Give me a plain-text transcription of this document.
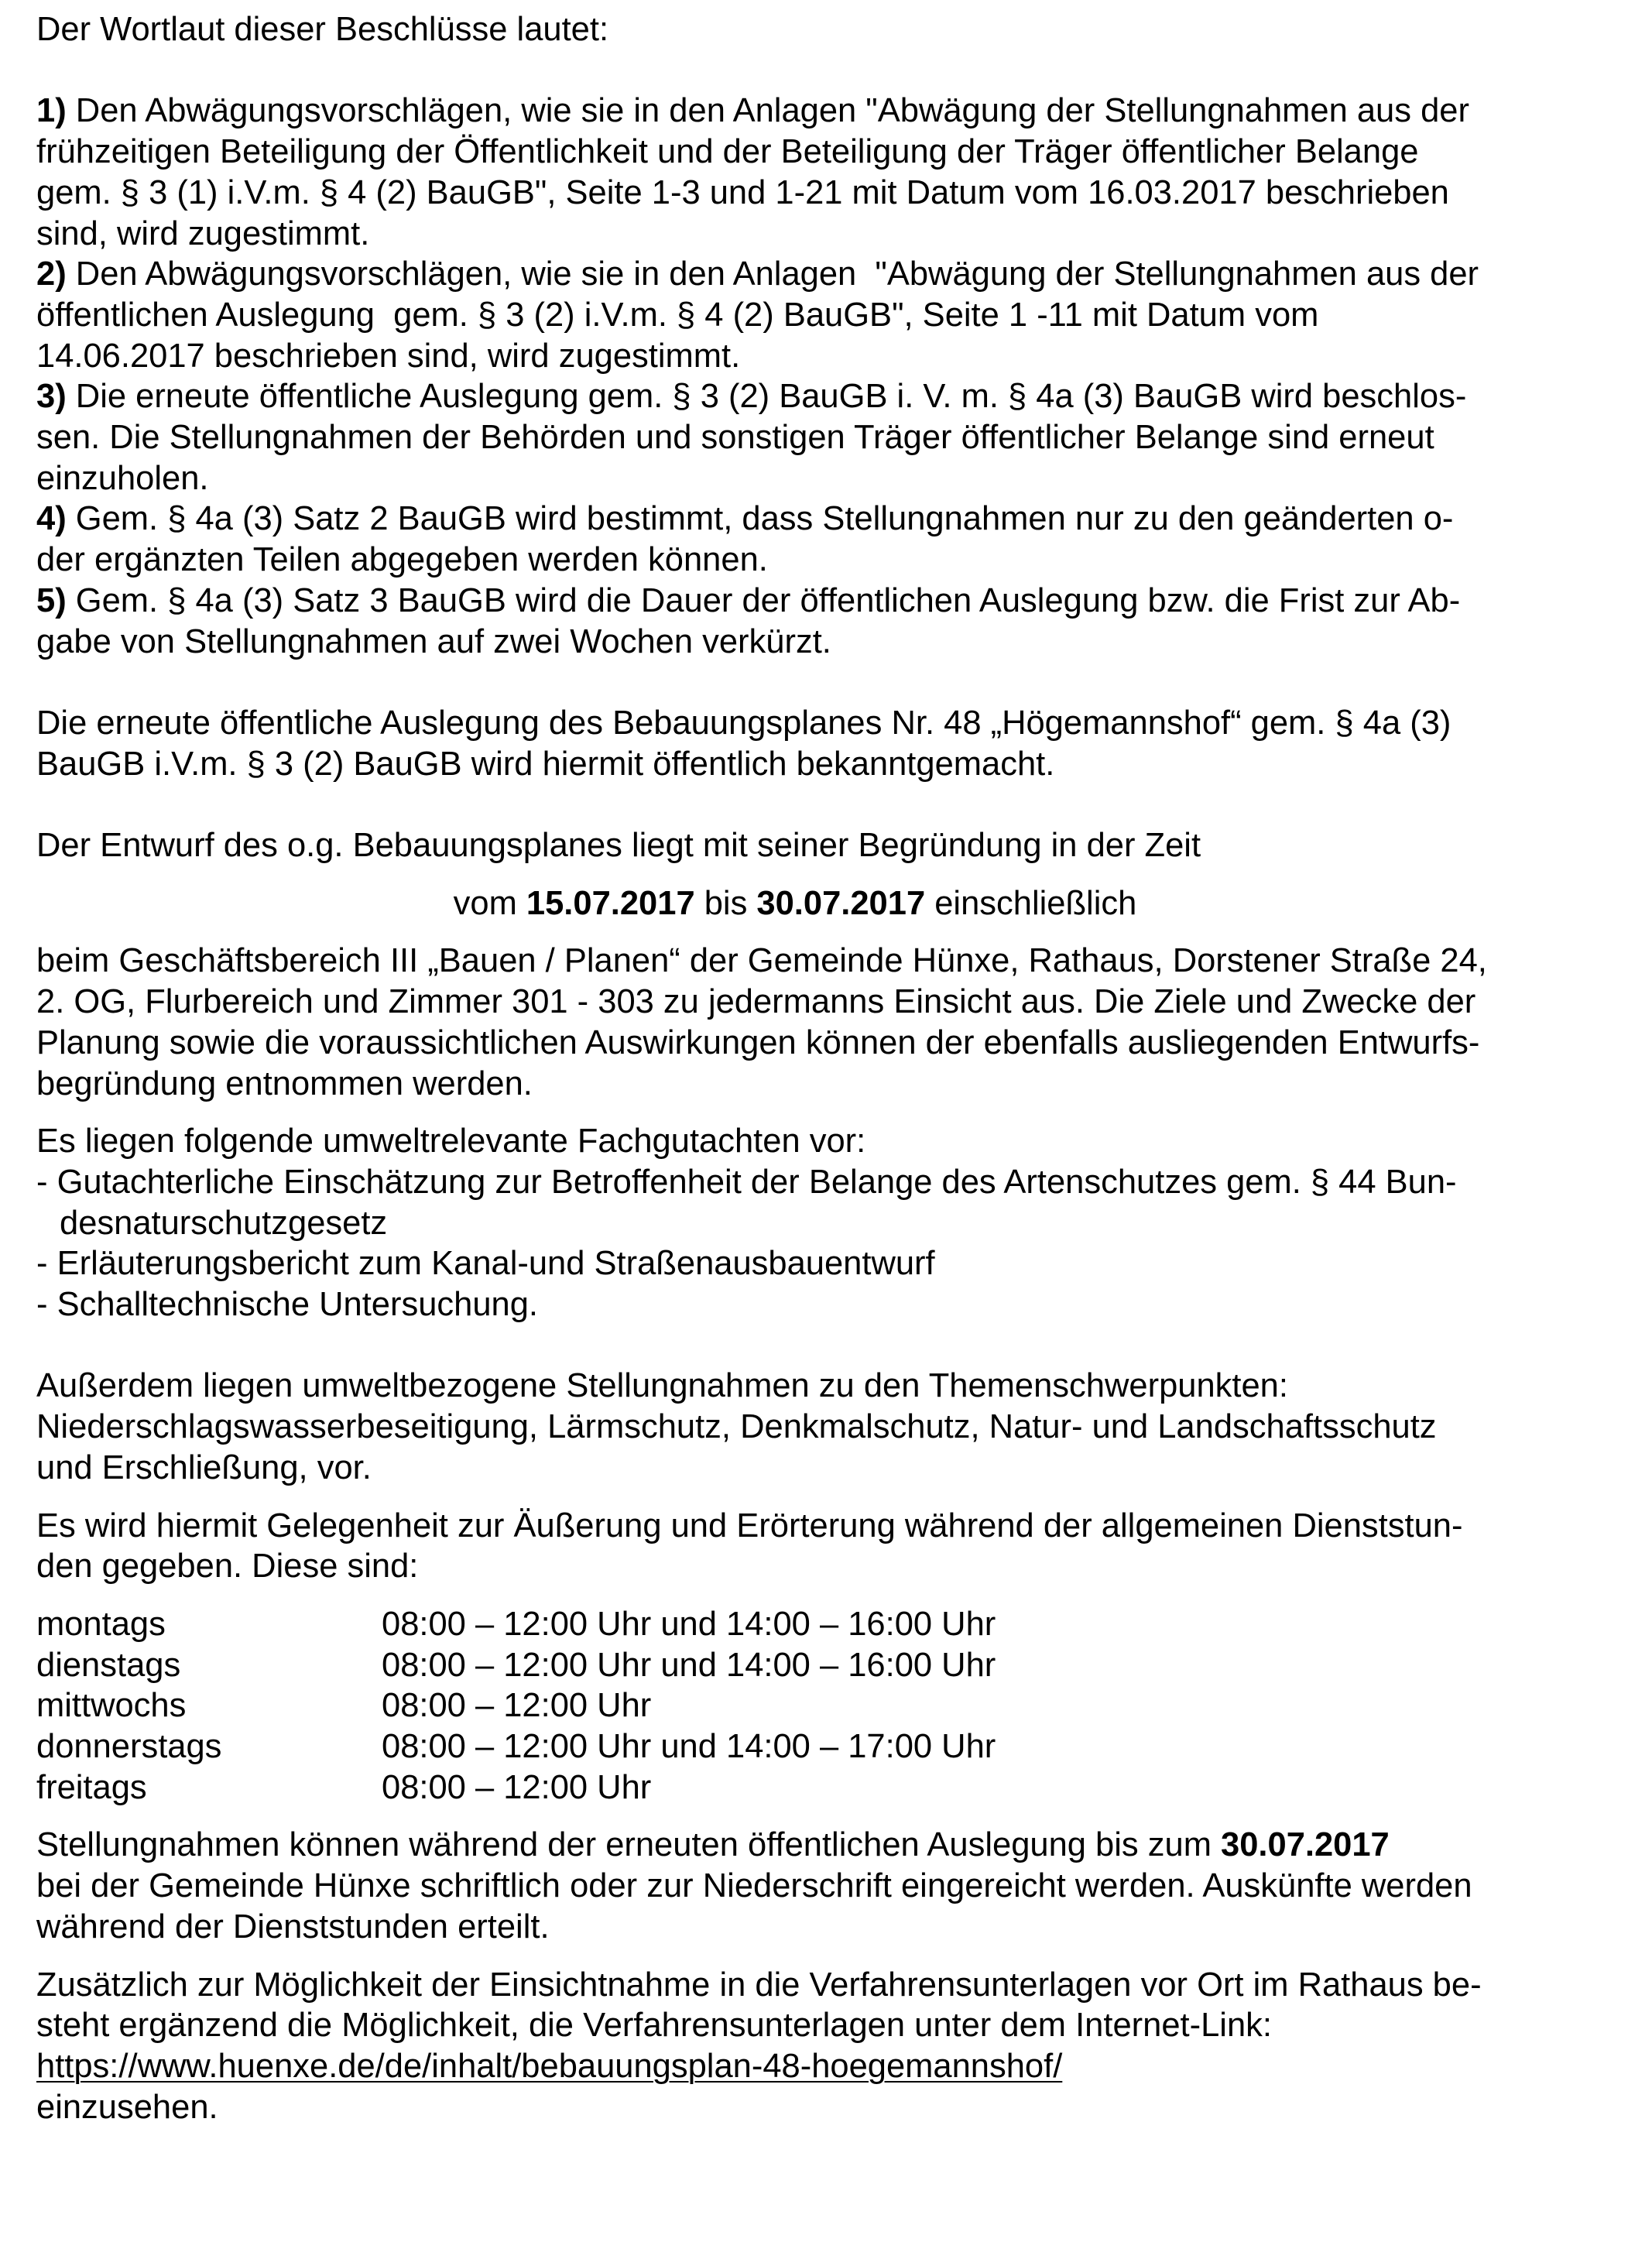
Der Wortlaut dieser Beschlüsse lautet:

1) Den Abwägungsvorschlägen, wie sie in den Anlagen "Abwägung der Stellungnahmen aus der
frühzeitigen Beteiligung der Öffentlichkeit und der Beteiligung der Träger öffentlicher Belange
gem. § 3 (1) i.V.m. § 4 (2) BauGB", Seite 1-3 und 1-21 mit Datum vom 16.03.2017 beschrieben
sind, wird zugestimmt.

2) Den Abwägungsvorschlägen, wie sie in den Anlagen  "Abwägung der Stellungnahmen aus der
öffentlichen Auslegung  gem. § 3 (2) i.V.m. § 4 (2) BauGB", Seite 1 -11 mit Datum vom
14.06.2017 beschrieben sind, wird zugestimmt.

3) Die erneute öffentliche Auslegung gem. § 3 (2) BauGB i. V. m. § 4a (3) BauGB wird beschlos-
sen. Die Stellungnahmen der Behörden und sonstigen Träger öffentlicher Belange sind erneut
einzuholen.

4) Gem. § 4a (3) Satz 2 BauGB wird bestimmt, dass Stellungnahmen nur zu den geänderten o-
der ergänzten Teilen abgegeben werden können.

5) Gem. § 4a (3) Satz 3 BauGB wird die Dauer der öffentlichen Auslegung bzw. die Frist zur Ab-
gabe von Stellungnahmen auf zwei Wochen verkürzt.

Die erneute öffentliche Auslegung des Bebauungsplanes Nr. 48 „Högemannshof“ gem. § 4a (3)
BauGB i.V.m. § 3 (2) BauGB wird hiermit öffentlich bekanntgemacht.

Der Entwurf des o.g. Bebauungsplanes liegt mit seiner Begründung in der Zeit

vom 15.07.2017 bis 30.07.2017 einschließlich

beim Geschäftsbereich III „Bauen / Planen“ der Gemeinde Hünxe, Rathaus, Dorstener Straße 24,
2. OG, Flurbereich und Zimmer 301 - 303 zu jedermanns Einsicht aus. Die Ziele und Zwecke der
Planung sowie die voraussichtlichen Auswirkungen können der ebenfalls ausliegenden Entwurfs-
begründung entnommen werden.

Es liegen folgende umweltrelevante Fachgutachten vor:
- Gutachterliche Einschätzung zur Betroffenheit der Belange des Artenschutzes gem. § 44 Bun-
desnaturschutzgesetz
- Erläuterungsbericht zum Kanal-und Straßenausbauentwurf
- Schalltechnische Untersuchung.

Außerdem liegen umweltbezogene Stellungnahmen zu den Themenschwerpunkten:
Niederschlagswasserbeseitigung, Lärmschutz, Denkmalschutz, Natur- und Landschaftsschutz
und Erschließung, vor.

Es wird hiermit Gelegenheit zur Äußerung und Erörterung während der allgemeinen Dienststun-
den gegeben. Diese sind:

montags	08:00 – 12:00 Uhr und 14:00 – 16:00 Uhr
dienstags	08:00 – 12:00 Uhr und 14:00 – 16:00 Uhr
mittwochs	08:00 – 12:00 Uhr
donnerstags	08:00 – 12:00 Uhr und 14:00 – 17:00 Uhr
freitags	08:00 – 12:00 Uhr

Stellungnahmen können während der erneuten öffentlichen Auslegung bis zum 30.07.2017
bei der Gemeinde Hünxe schriftlich oder zur Niederschrift eingereicht werden. Auskünfte werden
während der Dienststunden erteilt.

Zusätzlich zur Möglichkeit der Einsichtnahme in die Verfahrensunterlagen vor Ort im Rathaus be-
steht ergänzend die Möglichkeit, die Verfahrensunterlagen unter dem Internet-Link:
https://www.huenxe.de/de/inhalt/bebauungsplan-48-hoegemannshof/
einzusehen.
